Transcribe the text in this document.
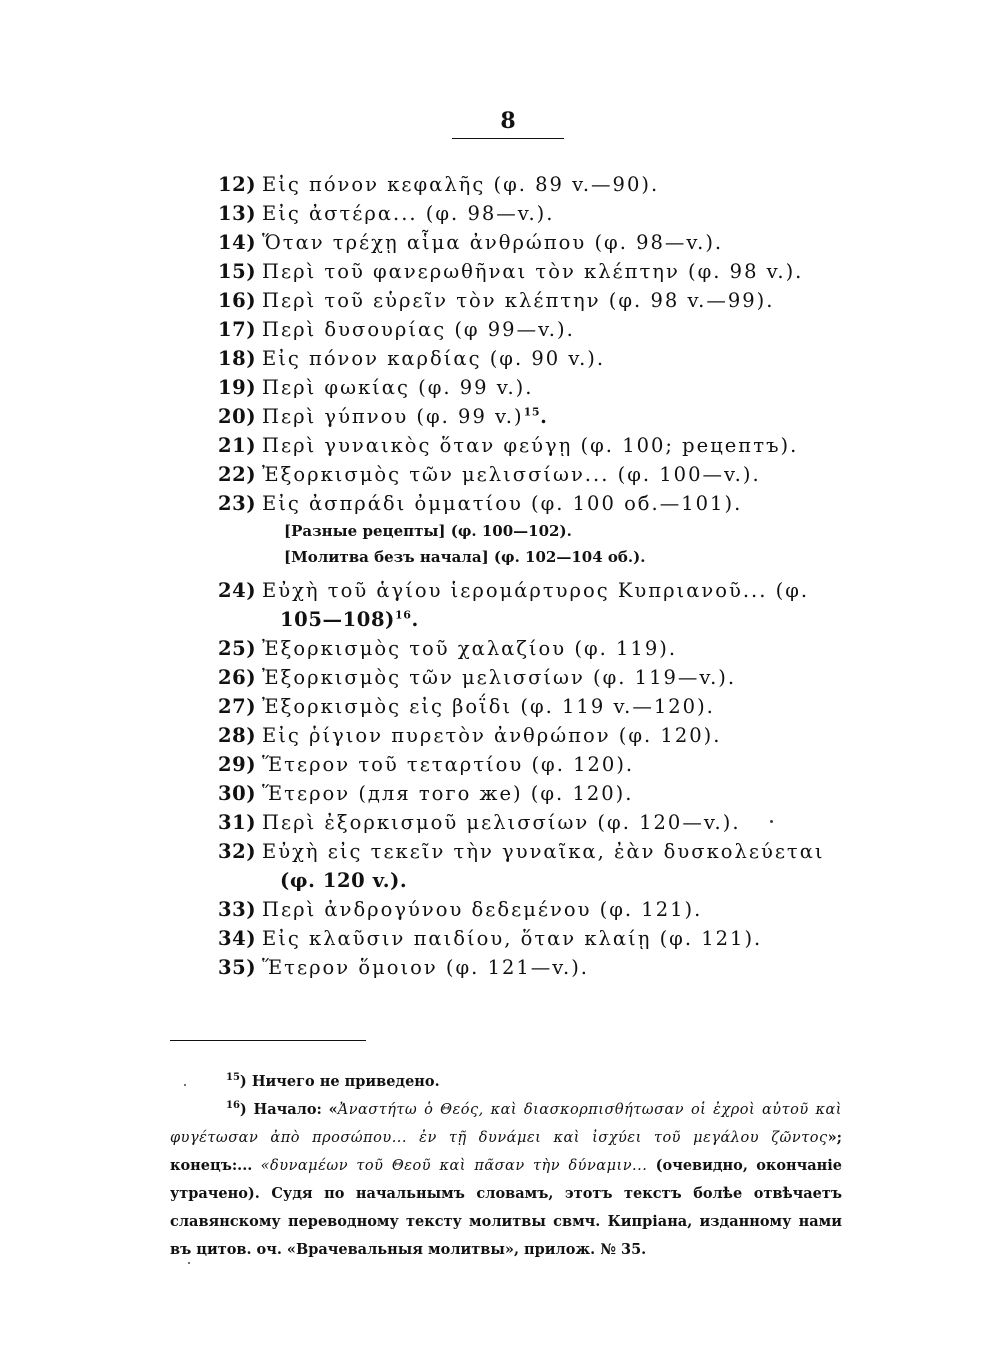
8
12) Εἰς πόνον κεφαλῆς (φ. 89 v.—90).
13) Εἰς ἀστέρα... (φ. 98—v.).
14) Ὅταν τρέχῃ αἷμα ἀνθρώπου (φ. 98—v.).
15) Περὶ τοῦ φανερωθῆναι τὸν κλέπτην (φ. 98 v.).
16) Περὶ τοῦ εὑρεῖν τὸν κλέπτην (φ. 98 v.—99).
17) Περὶ δυσουρίας (φ 99—v.).
18) Εἰς πόνον καρδίας (φ. 90 v.).
19) Περὶ φωκίας (φ. 99 v.).
20) Περὶ γύπνου (φ. 99 v.)$^{15}$.
21) Περὶ γυναικὸς ὅταν φεύγῃ (φ. 100; рецептъ).
22) Ἐξορκισμὸς τῶν μελισσίων... (φ. 100—v.).
23) Εἰς ἀσπράδι ὀμματίου (φ. 100 об.—101).
[Разные рецепты] (φ. 100—102).
[Молитва безъ начала] (φ. 102—104 об.).
24) Εὐχὴ τοῦ ἁγίου ἱερομάρτυρος Κυπριανοῦ... (φ.
105—108)$^{16}$.
25) Ἐξορκισμὸς τοῦ χαλαζίου (φ. 119).
26) Ἐξορκισμὸς τῶν μελισσίων (φ. 119—v.).
27) Ἐξορκισμὸς εἰς βοΐδι (φ. 119 v.—120).
28) Εἰς ῥίγιον πυρετὸν ἀνθρώπον (φ. 120).
29) Ἕτερον τοῦ τεταρτίου (φ. 120).
30) Ἕτερον (для того же) (φ. 120).
31) Περὶ ἐξορκισμοῦ μελισσίων (φ. 120—v.).
32) Εὐχὴ εἰς τεκεῖν τὴν γυναῖκα, ἐὰν δυσκολεύεται
(φ. 120 v.).
33) Περὶ ἀνδρογύνου δεδεμένου (φ. 121).
34) Εἰς κλαῦσιν παιδίου, ὅταν κλαίῃ (φ. 121).
35) Ἕτερον ὅμοιον (φ. 121—v.).
$^{15}$) Ничего не приведено.
$^{16}$) Начало: «Ἀναστήτω ὁ Θεός, καὶ διασκορπισθήτωσαν οἱ ἐχροὶ αὐτοῦ καὶ φυγέτωσαν ἀπὸ προσώπου... ἐν τῇ δυνάμει καὶ ἰσχύει τοῦ μεγάλου ζῶντος»; конецъ:... «δυναμέων τοῦ Θεοῦ καὶ πᾶσαν τὴν δύναμιν... (очевидно, окончаніе утрачено). Судя по начальнымъ словамъ, этотъ текстъ болѣе отвѣчаетъ славянскому переводному тексту молитвы свмч. Кипріана, изданному нами въ цитов. оч. «Врачевальныя молитвы», прилож. № 35.
